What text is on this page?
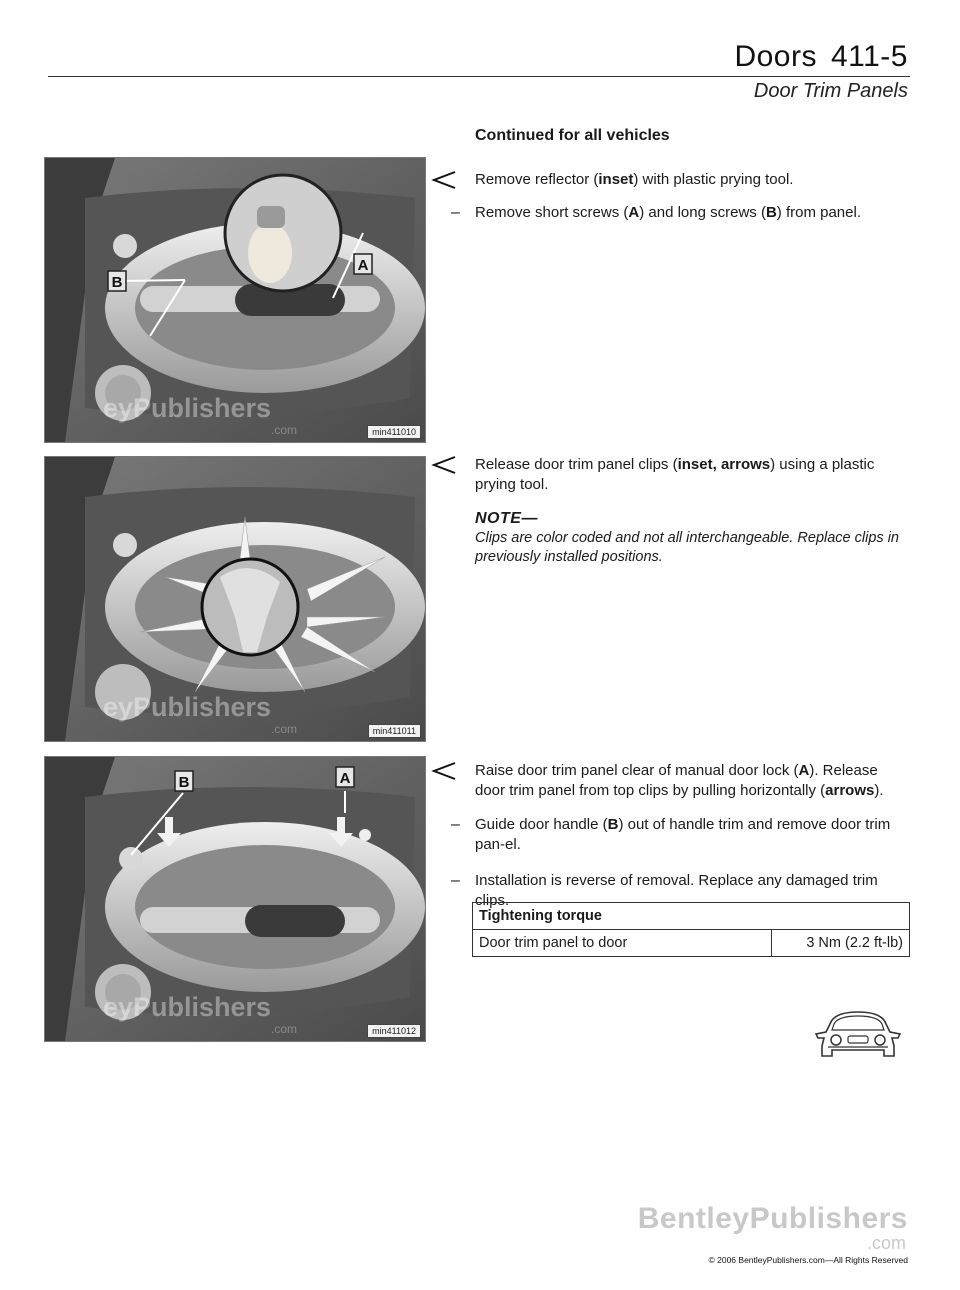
Doors 411-5
Door Trim Panels
Continued for all vehicles
B
A
eyPublishers
.com	min411010
eyPublishers
.com	min411011
B	A
eyPublishers
.com	min411012
Remove reflector (inset) with plastic prying tool.
–	Remove short screws (A) and long screws (B) from panel.
Release door trim panel clips (inset, arrows) using a plastic prying tool.
NOTE—
Clips are color coded and not all interchangeable. Replace clips in previously installed positions.
Raise door trim panel clear of manual door lock (A). Release door trim panel from top clips by pulling horizontally (arrows).
–	Guide door handle (B) out of handle trim and remove door trim pan-el.
–	Installation is reverse of removal. Replace any damaged trim clips.
Tightening torque
Door trim panel to door	3 Nm (2.2 ft-lb)
BentleyPublishers
.com
© 2006 BentleyPublishers.com—All Rights Reserved
